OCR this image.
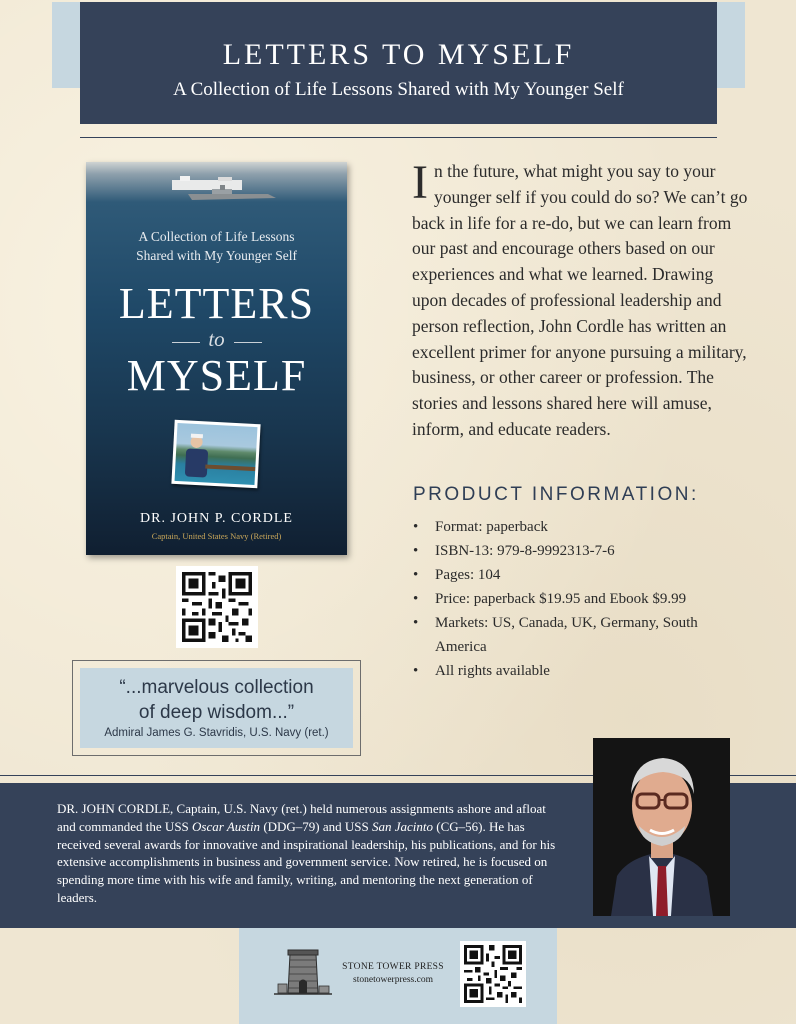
LETTERS TO MYSELF
A Collection of Life Lessons Shared with My Younger Self
A Collection of Life Lessons
Shared with My Younger Self
LETTERS
to
MYSELF
DR. JOHN P. CORDLE
Captain, United States Navy (Retired)
“...marvelous collection
of deep wisdom...”
Admiral James G. Stavridis, U.S. Navy (ret.)
In the future, what might you say to your younger self if you could do so? We can’t go back in life for a re-do, but we can learn from our past and encourage others based on our experiences and what we learned. Drawing upon decades of professional leadership and person reflection, John Cordle has written an excellent primer for anyone pursuing a military, business, or other career or profession. The stories and lessons shared here will amuse, inform, and educate readers.
PRODUCT INFORMATION:
• Format: paperback
• ISBN-13: 979-8-9992313-7-6
• Pages: 104
• Price: paperback $19.95 and Ebook $9.99
• Markets: US, Canada, UK, Germany, South America
• All rights available
DR. JOHN CORDLE, Captain, U.S. Navy (ret.) held numerous assignments ashore and afloat and commanded the USS Oscar Austin (DDG–79) and USS San Jacinto (CG–56). He has received several awards for innovative and inspirational leadership, his publications, and for his extensive accomplishments in business and government service. Now retired, he is focused on spending more time with his wife and family, writing, and mentoring the next generation of leaders.
STONE TOWER PRESS
stonetowerpress.com
